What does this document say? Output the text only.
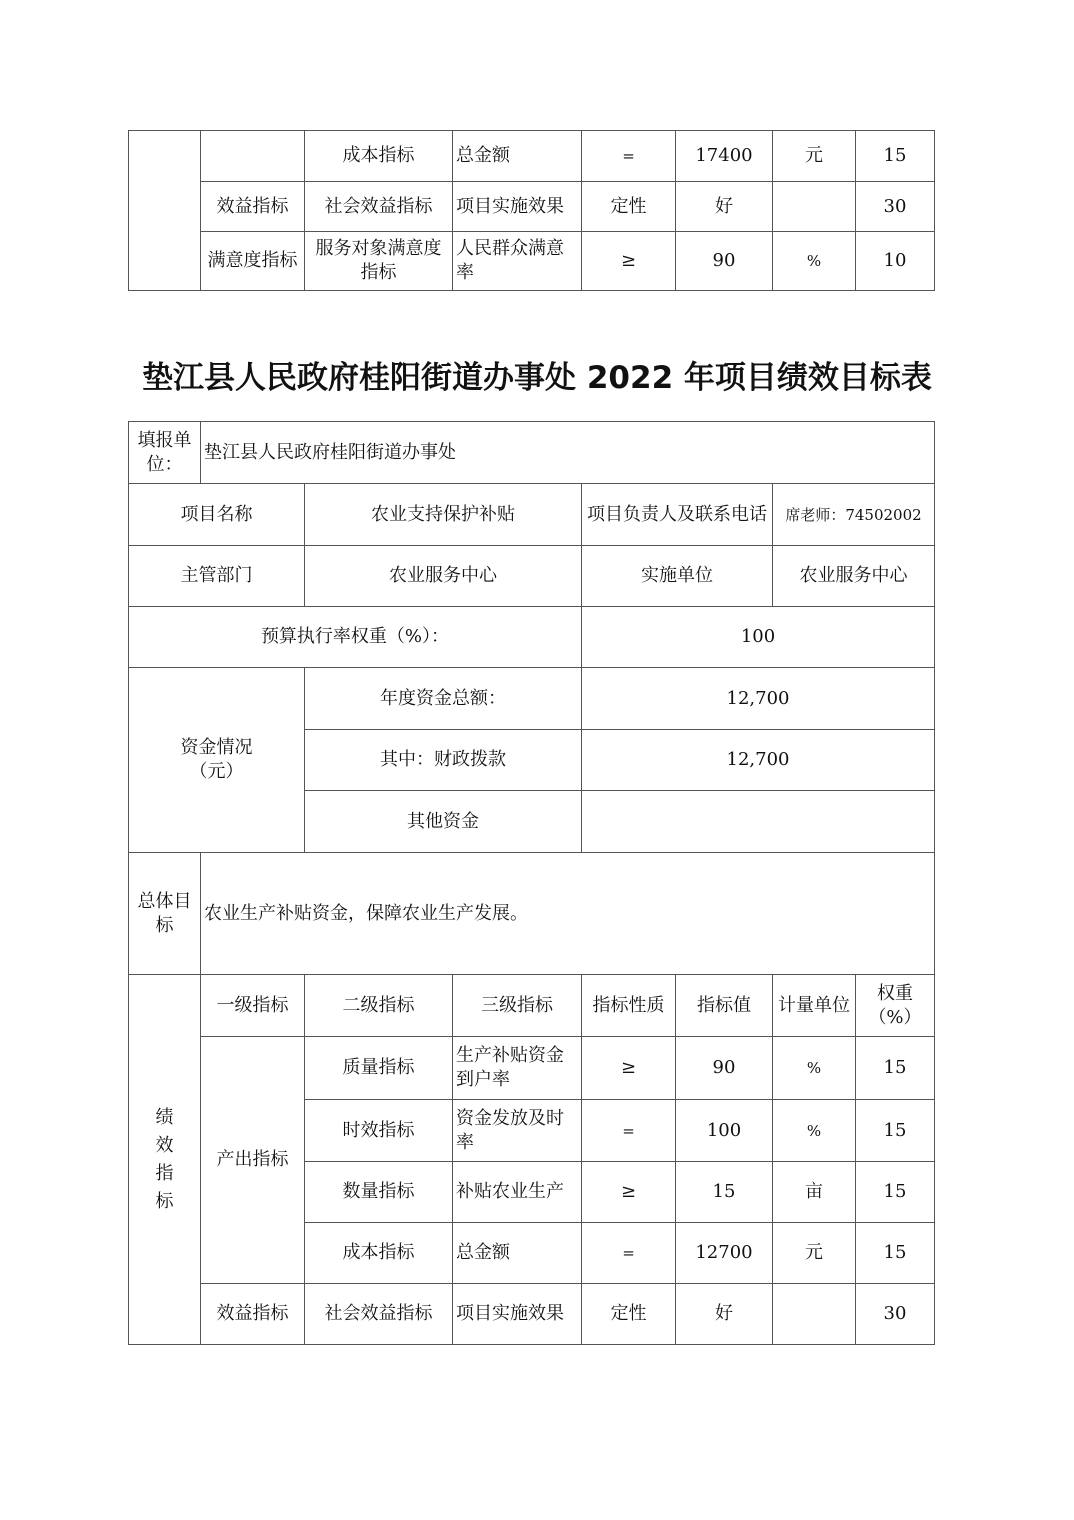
		成本指标	总金额	=	17400	元	15
	效益指标	社会效益指标	项目实施效果	定性	好		30
	满意度指标	服务对象满意度指标	人民群众满意率	≥	90	%	10
垫江县人民政府桂阳街道办事处 2022 年项目绩效目标表
填报单位：	垫江县人民政府桂阳街道办事处						
项目名称		农业支持保护补贴		项目负责人及联系电话		席老师：74502002	
主管部门		农业服务中心		实施单位		农业服务中心	
预算执行率权重（%）：				100			
资金情况（元）		年度资金总额：		12,700			
		其中：财政拨款		12,700			
		其他资金					
总体目标	农业生产补贴资金，保障农业生产发展。						
绩效指标	一级指标	二级指标	三级指标	指标性质	指标值	计量单位	权重（%）
	产出指标	质量指标	生产补贴资金到户率	≥	90	%	15
		时效指标	资金发放及时率	=	100	%	15
		数量指标	补贴农业生产	≥	15	亩	15
		成本指标	总金额	=	12700	元	15
	效益指标	社会效益指标	项目实施效果	定性	好		30
